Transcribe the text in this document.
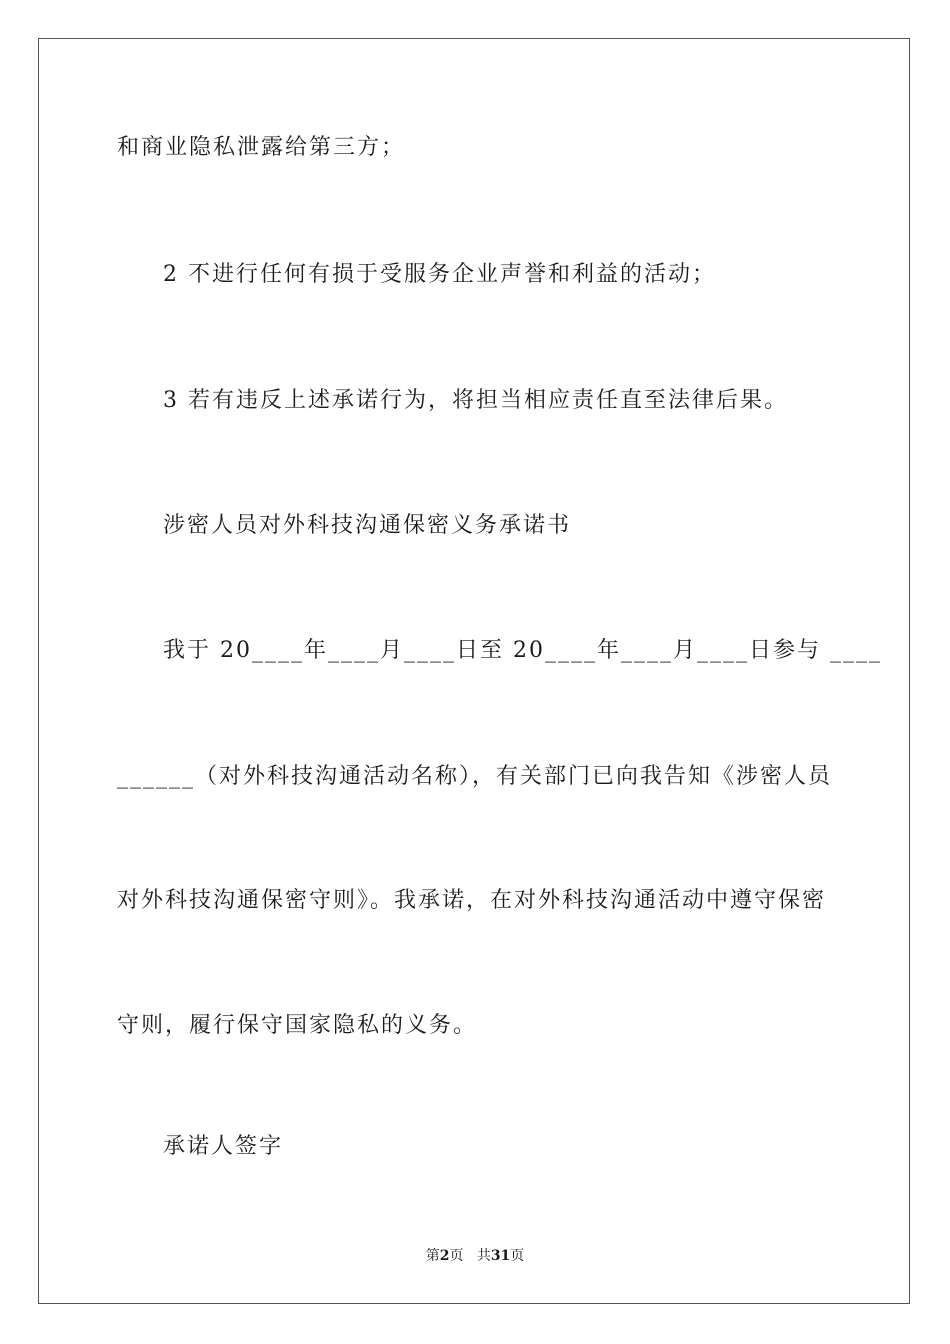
和商业隐私泄露给第三方；
2 不进行任何有损于受服务企业声誉和利益的活动；
3 若有违反上述承诺行为，将担当相应责任直至法律后果。
涉密人员对外科技沟通保密义务承诺书
我于 20____年____月____日至 20____年____月____日参与 ____
______（对外科技沟通活动名称），有关部门已向我告知《涉密人员
对外科技沟通保密守则》。我承诺，在对外科技沟通活动中遵守保密
守则，履行保守国家隐私的义务。
承诺人签字
第2页 共31页
